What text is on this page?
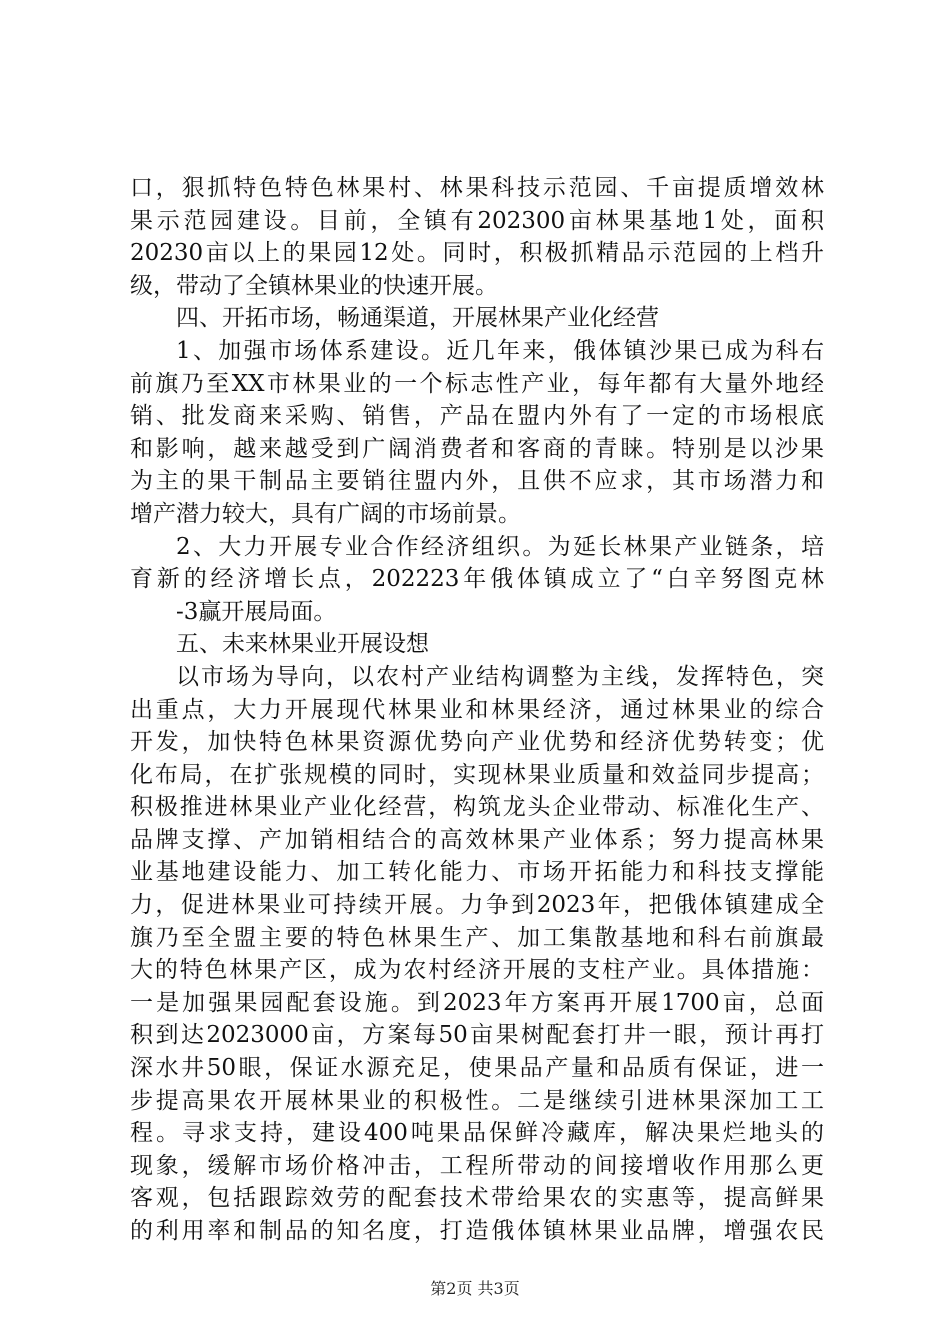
口，狠抓特色特色林果村、林果科技示范园、千亩提质增效林
果示范园建设。目前，全镇有202300亩林果基地1处，面积
20230亩以上的果园12处。同时，积极抓精品示范园的上档升
级，带动了全镇林果业的快速开展。
四、开拓市场，畅通渠道，开展林果产业化经营
1、加强市场体系建设。近几年来，俄体镇沙果已成为科右
前旗乃至XX市林果业的一个标志性产业，每年都有大量外地经
销、批发商来采购、销售，产品在盟内外有了一定的市场根底
和影响，越来越受到广阔消费者和客商的青睐。特别是以沙果
为主的果干制品主要销往盟内外，且供不应求，其市场潜力和
增产潜力较大，具有广阔的市场前景。
2、大力开展专业合作经济组织。为延长林果产业链条，培
育新的经济增长点，202223年俄体镇成立了“白辛努图克林
-3赢开展局面。
五、未来林果业开展设想
以市场为导向，以农村产业结构调整为主线，发挥特色，突
出重点，大力开展现代林果业和林果经济，通过林果业的综合
开发，加快特色林果资源优势向产业优势和经济优势转变；优
化布局，在扩张规模的同时，实现林果业质量和效益同步提高；
积极推进林果业产业化经营，构筑龙头企业带动、标准化生产、
品牌支撑、产加销相结合的高效林果产业体系；努力提高林果
业基地建设能力、加工转化能力、市场开拓能力和科技支撑能
力，促进林果业可持续开展。力争到2023年，把俄体镇建成全
旗乃至全盟主要的特色林果生产、加工集散基地和科右前旗最
大的特色林果产区，成为农村经济开展的支柱产业。具体措施：
一是加强果园配套设施。到2023年方案再开展1700亩，总面
积到达2023000亩，方案每50亩果树配套打井一眼，预计再打
深水井50眼，保证水源充足，使果品产量和品质有保证，进一
步提高果农开展林果业的积极性。二是继续引进林果深加工工
程。寻求支持，建设400吨果品保鲜冷藏库，解决果烂地头的
现象，缓解市场价格冲击，工程所带动的间接增收作用那么更
客观，包括跟踪效劳的配套技术带给果农的实惠等，提高鲜果
的利用率和制品的知名度，打造俄体镇林果业品牌，增强农民
第2页 共3页
